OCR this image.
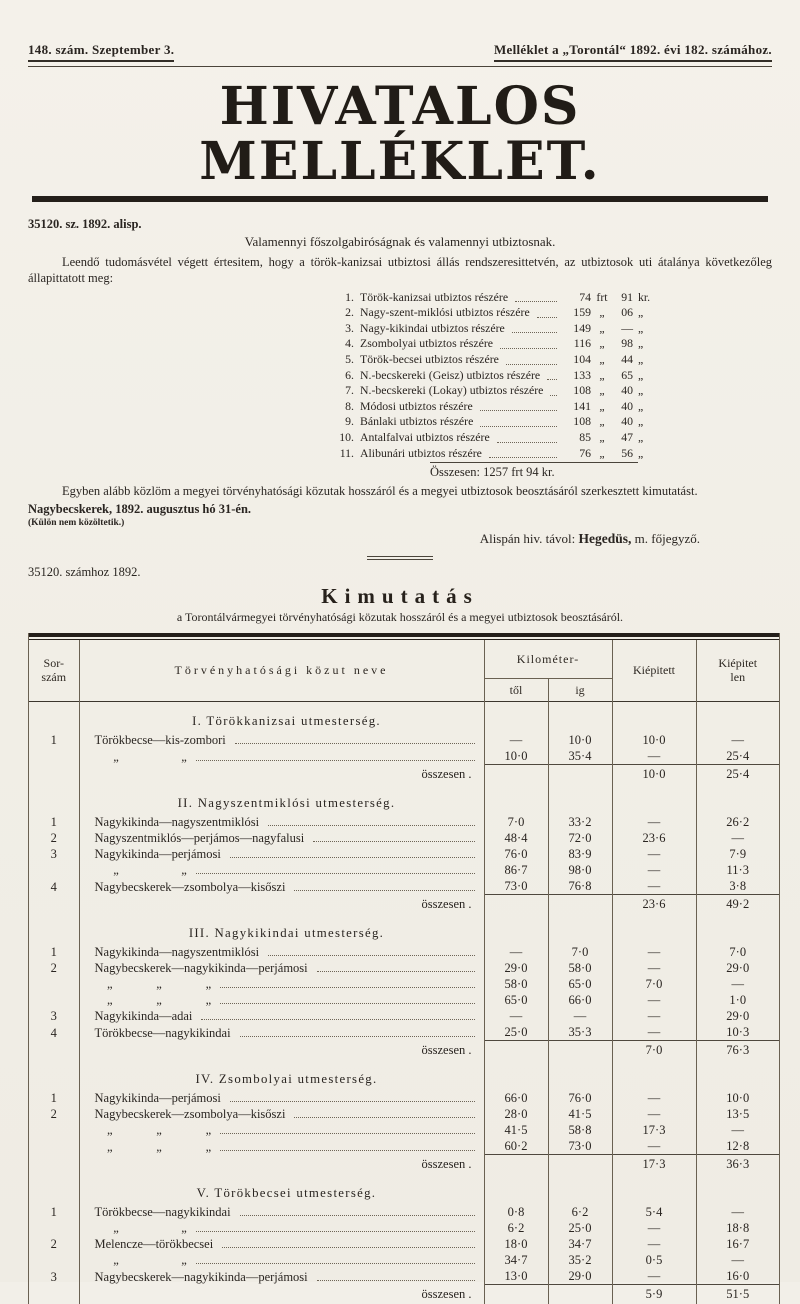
148. szám. Szeptember 3.	Melléklet a „Torontál“ 1892. évi 182. számához.
HIVATALOS MELLÉKLET.
35120. sz. 1892. alisp.
Valamennyi főszolgabiróságnak és valamennyi utbiztosnak.

Leendő tudomásvétel végett értesitem, hogy a török-kanizsai utbiztosi állás rendszeresittetvén, az utbiztosok uti átalánya következőleg állapittatott meg:

1. Török-kanizsai utbiztos részére	74 frt	91 kr.
2. Nagy-szent-miklósi utbiztos részére	159 „	06 „
3. Nagy-kikindai utbiztos részére	149 „	— „
4. Zsombolyai utbiztos részére	116 „	98 „
5. Török-becsei utbiztos részére	104 „	44 „
6. N.-becskereki (Geisz) utbiztos részére	133 „	65 „
7. N.-becskereki (Lokay) utbiztos részére	108 „	40 „
8. Módosi utbiztos részére	141 „	40 „
9. Bánlaki utbiztos részére	108 „	40 „
10. Antalfalvai utbiztos részére	85 „	47 „
11. Alibunári utbiztos részére	76 „	56 „
Összesen: 1257 frt 94 kr.

Egyben alább közlöm a megyei törvényhatósági közutak hosszáról és a megyei utbiztosok beosztásáról szerkesztett kimutatást.

Nagybecskerek, 1892. augusztus hó 31-én.
(Külön nem közöltetik.)
Alispán hiv. távol: Hegedüs, m. főjegyző.
35120. számhoz 1892.
Kimutatás
a Torontálvármegyei törvényhatósági közutak hosszáról és a megyei utbiztosok beosztásáról.
Sor-
szám	Törvényhatósági közut neve	Kilométer-		Kiépitett	Kiépitet
len

		től	ig		
	I. Törökkanizsai utmesterség.				
1	Törökbecse—kis-zombori	—	10·0	10·0	—

	„                    „	10·0	35·4	—	25·4
	összesen .			10·0	25·4
	II. Nagyszentmiklósi utmesterség.				
1	Nagykikinda—nagyszentmiklósi	7·0	33·2	—	26·2
2	Nagyszentmiklós—perjámos—nagyfalusi	48·4	72·0	23·6	—
3	Nagykikinda—perjámosi	76·0	83·9	—	7·9

	„                    „	86·7	98·0	—	11·3
4	Nagybecskerek—zsombolya—kisőszi	73·0	76·8	—	3·8
	összesen .			23·6	49·2
	III. Nagykikindai utmesterség.				
1	Nagykikinda—nagyszentmiklósi	—	7·0	—	7·0
2	Nagybecskerek—nagykikinda—perjámosi	29·0	58·0	—	29·0

	„              „              „	58·0	65·0	7·0	—

	„              „              „	65·0	66·0	—	1·0
3	Nagykikinda—adai	—	—	—	29·0
4	Törökbecse—nagykikindai	25·0	35·3	—	10·3
	összesen .			7·0	76·3
	IV. Zsombolyai utmesterség.				
1	Nagykikinda—perjámosi	66·0	76·0	—	10·0
2	Nagybecskerek—zsombolya—kisőszi	28·0	41·5	—	13·5

	„              „              „	41·5	58·8	17·3	—

	„              „              „	60·2	73·0	—	12·8
	összesen .			17·3	36·3
	V. Törökbecsei utmesterség.				
1	Törökbecse—nagykikindai	0·8	6·2	5·4	—

	„                    „	6·2	25·0	—	18·8
2	Melencze—törökbecsei	18·0	34·7	—	16·7

	„                    „	34·7	35·2	0·5	—
3	Nagybecskerek—nagykikinda—perjámosi	13·0	29·0	—	16·0
	összesen .			5·9	51·5
